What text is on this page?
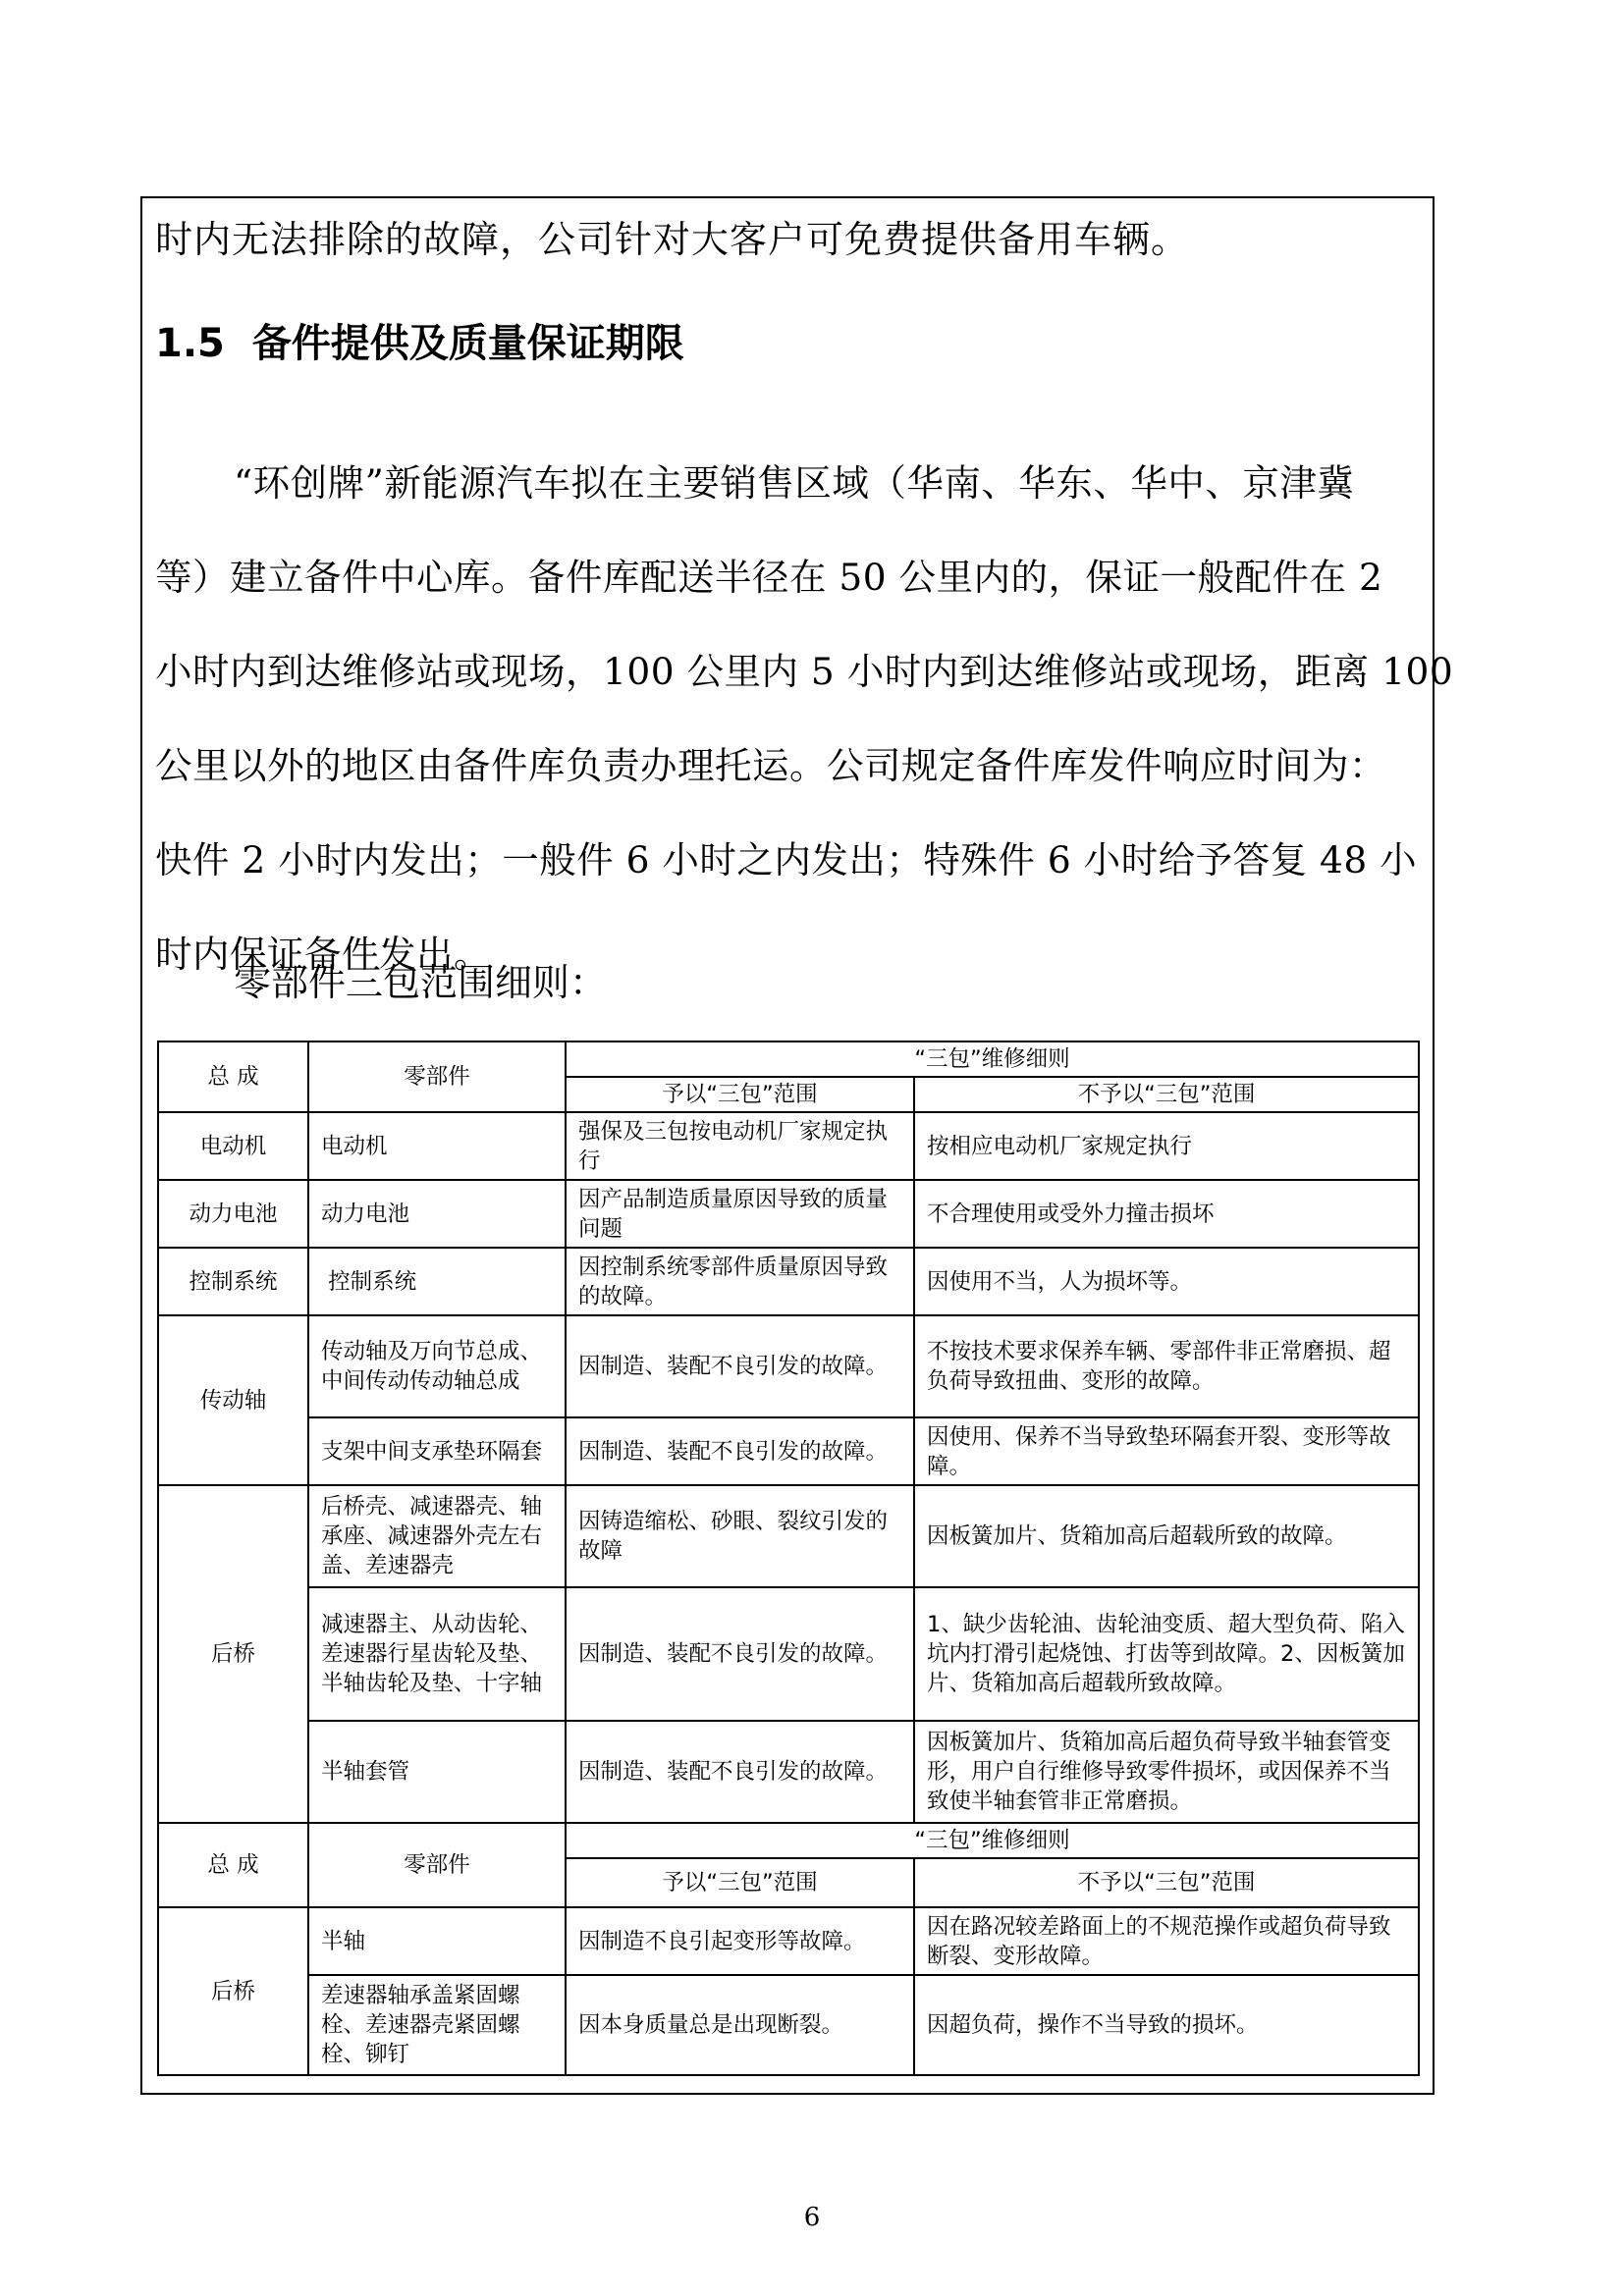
时内无法排除的故障，公司针对大客户可免费提供备用车辆。

1.5 备件提供及质量保证期限
“环创牌”新能源汽车拟在主要销售区域（华南、华东、华中、京津冀
等）建立备件中心库。备件库配送半径在 50 公里内的，保证一般配件在 2
小时内到达维修站或现场，100 公里内 5 小时内到达维修站或现场，距离 100
公里以外的地区由备件库负责办理托运。公司规定备件库发件响应时间为：
快件 2 小时内发出；一般件 6 小时之内发出；特殊件 6 小时给予答复 48 小
时内保证备件发出。

零部件三包范围细则：

总 成	零部件	“三包”维修细则	
		予以“三包”范围	不予以“三包”范围
电动机	电动机	强保及三包按电动机厂家规定执行	按相应电动机厂家规定执行
动力电池	动力电池	因产品制造质量原因导致的质量问题	不合理使用或受外力撞击损坏
控制系统	控制系统	因控制系统零部件质量原因导致的故障。	因使用不当，人为损坏等。
传动轴	传动轴及万向节总成、中间传动传动轴总成	因制造、装配不良引发的故障。	不按技术要求保养车辆、零部件非正常磨损、超负荷导致扭曲、变形的故障。
	支架中间支承垫环隔套	因制造、装配不良引发的故障。	因使用、保养不当导致垫环隔套开裂、变形等故障。
后桥	后桥壳、减速器壳、轴承座、减速器外壳左右盖、差速器壳	因铸造缩松、砂眼、裂纹引发的故障	因板簧加片、货箱加高后超载所致的故障。
	减速器主、从动齿轮、差速器行星齿轮及垫、半轴齿轮及垫、十字轴	因制造、装配不良引发的故障。	1、缺少齿轮油、齿轮油变质、超大型负荷、陷入坑内打滑引起烧蚀、打齿等到故障。2、因板簧加片、货箱加高后超载所致故障。
	半轴套管	因制造、装配不良引发的故障。	因板簧加片、货箱加高后超负荷导致半轴套管变形，用户自行维修导致零件损坏，或因保养不当致使半轴套管非正常磨损。
总 成	零部件	“三包”维修细则	
		予以“三包”范围	不予以“三包”范围
后桥	半轴	因制造不良引起变形等故障。	因在路况较差路面上的不规范操作或超负荷导致断裂、变形故障。
	差速器轴承盖紧固螺栓、差速器壳紧固螺栓、铆钉	因本身质量总是出现断裂。	因超负荷，操作不当导致的损坏。
6
